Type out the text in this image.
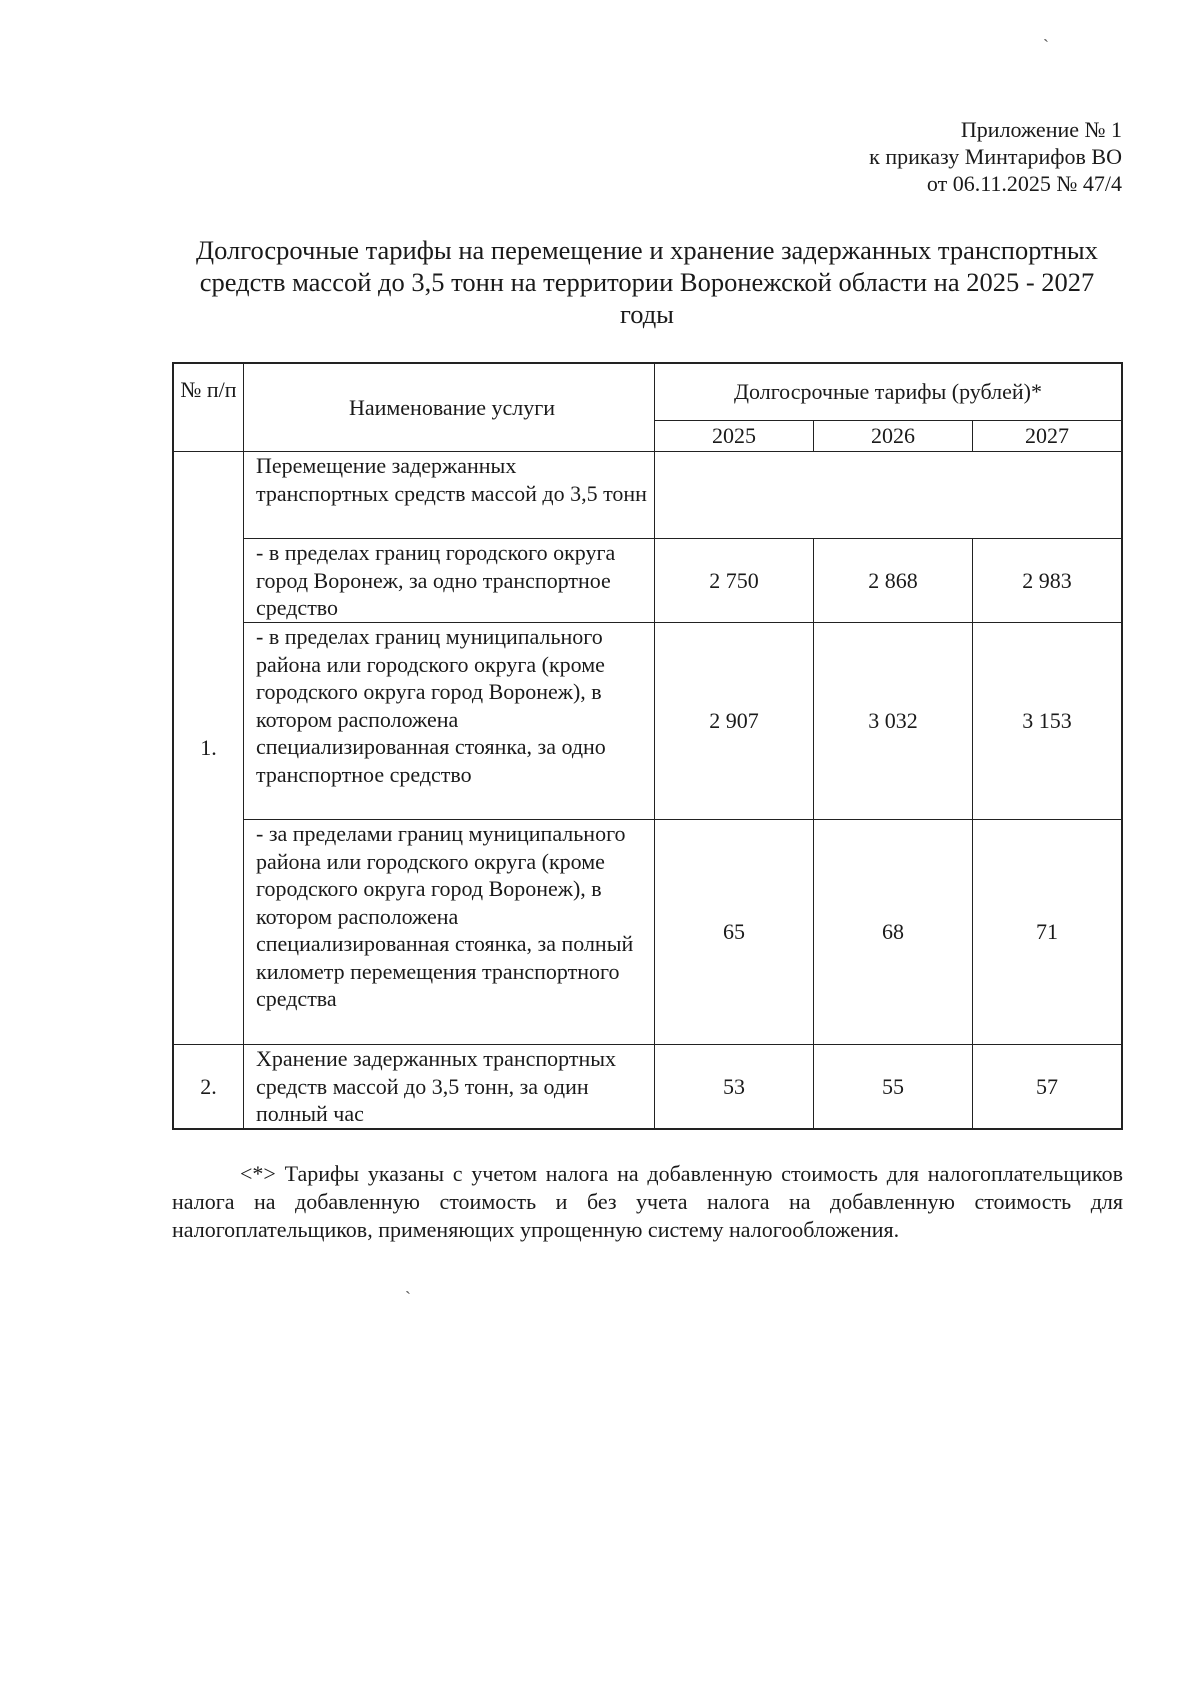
ˏ
Приложение № 1
к приказу Минтарифов ВО
от 06.11.2025 № 47/4
Долгосрочные тарифы на перемещение и хранение задержанных транспортных средств массой до 3,5 тонн на территории Воронежской области на 2025 - 2027 годы
№ п/п	Наименование услуги	Долгосрочные тарифы (рублей)*		
		2025	2026	2027
1.	Перемещение задержанных транспортных средств массой до 3,5 тонн			
	- в пределах границ городского округа город Воронеж, за одно транспортное средство	2 750	2 868	2 983
	- в пределах границ муниципального района или городского округа (кроме городского округа город Воронеж), в котором расположена специализированная стоянка, за одно транспортное средство	2 907	3 032	3 153
	- за пределами границ муниципального района или городского округа (кроме городского округа город Воронеж), в котором расположена специализированная стоянка, за полный километр перемещения транспортного средства	65	68	71
2.	Хранение задержанных транспортных средств массой до 3,5 тонн, за один полный час	53	55	57
<*> Тарифы указаны с учетом налога на добавленную стоимость для налогоплательщиков налога на добавленную стоимость и без учета налога на добавленную стоимость для налогоплательщиков, применяющих упрощенную систему налогообложения.
ˎ
